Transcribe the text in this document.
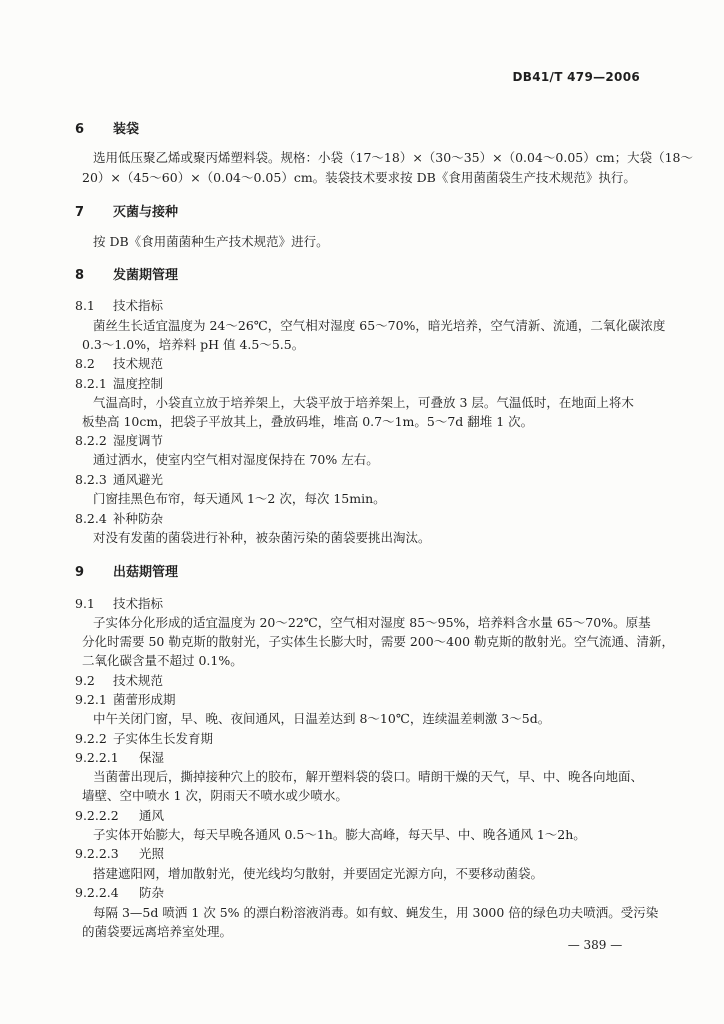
DB41/T 479—2006
6 装袋
选用低压聚乙烯或聚丙烯塑料袋。规格：小袋（17～18）×（30～35）×（0.04～0.05）cm；大袋（18～
20）×（45～60）×（0.04～0.05）cm。装袋技术要求按 DB《食用菌菌袋生产技术规范》执行。
7 灭菌与接种
按 DB《食用菌菌种生产技术规范》进行。
8 发菌期管理
8.1 技术指标
菌丝生长适宜温度为 24～26℃，空气相对湿度 65～70%，暗光培养，空气清新、流通，二氧化碳浓度
0.3～1.0%，培养料 pH 值 4.5～5.5。
8.2 技术规范
8.2.1 温度控制
气温高时，小袋直立放于培养架上，大袋平放于培养架上，可叠放 3 层。气温低时，在地面上将木
板垫高 10cm，把袋子平放其上，叠放码堆，堆高 0.7～1m。5～7d 翻堆 1 次。
8.2.2 湿度调节
通过洒水，使室内空气相对湿度保持在 70% 左右。
8.2.3 通风避光
门窗挂黑色布帘，每天通风 1～2 次，每次 15min。
8.2.4 补种防杂
对没有发菌的菌袋进行补种，被杂菌污染的菌袋要挑出淘汰。
9 出菇期管理
9.1 技术指标
子实体分化形成的适宜温度为 20～22℃，空气相对湿度 85～95%，培养料含水量 65～70%。原基
分化时需要 50 勒克斯的散射光，子实体生长膨大时，需要 200～400 勒克斯的散射光。空气流通、清新，
二氧化碳含量不超过 0.1%。
9.2 技术规范
9.2.1 菌蕾形成期
中午关闭门窗，早、晚、夜间通风，日温差达到 8～10℃，连续温差刺激 3～5d。
9.2.2 子实体生长发育期
9.2.2.1 保湿
当菌蕾出现后，撕掉接种穴上的胶布，解开塑料袋的袋口。晴朗干燥的天气，早、中、晚各向地面、
墙壁、空中喷水 1 次，阴雨天不喷水或少喷水。
9.2.2.2 通风
子实体开始膨大，每天早晚各通风 0.5～1h。膨大高峰，每天早、中、晚各通风 1～2h。
9.2.2.3 光照
搭建遮阳网，增加散射光，使光线均匀散射，并要固定光源方向，不要移动菌袋。
9.2.2.4 防杂
每隔 3—5d 喷洒 1 次 5% 的漂白粉溶液消毒。如有蚊、蝇发生，用 3000 倍的绿色功夫喷洒。受污染
的菌袋要远离培养室处理。
— 389 —
